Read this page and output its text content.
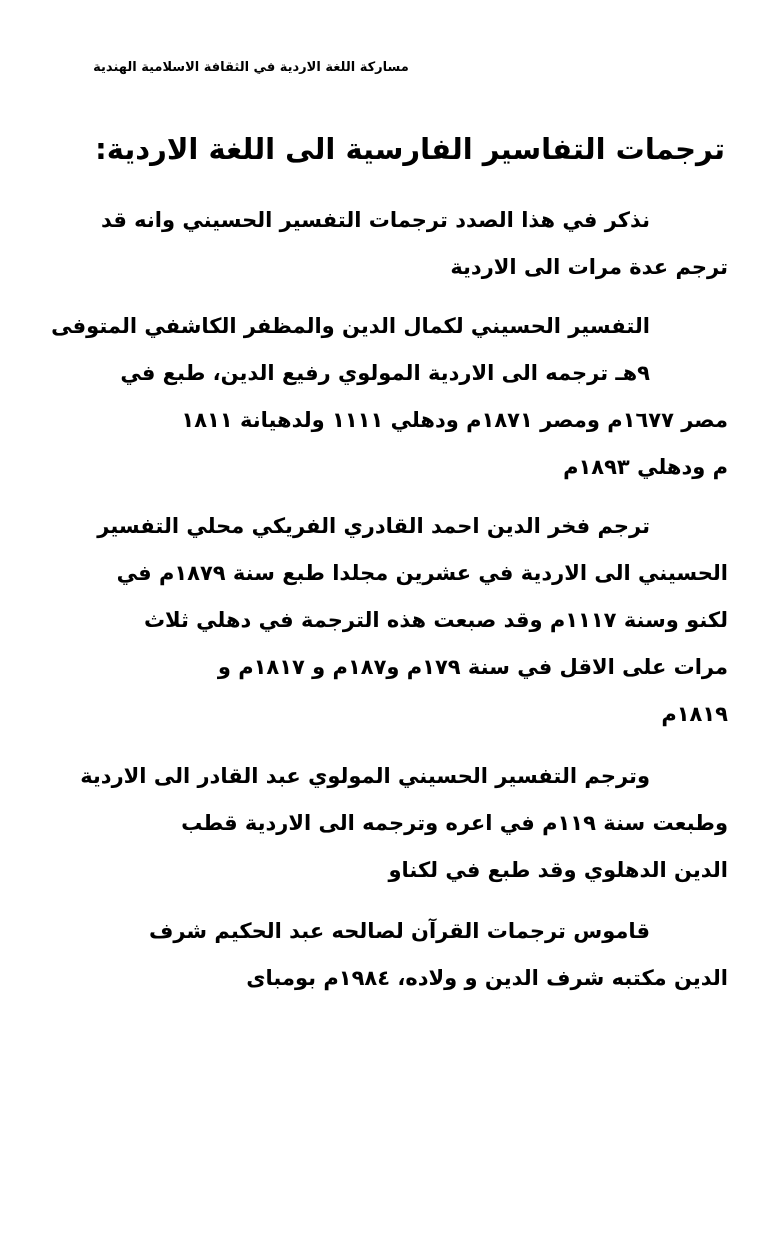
مساركة اللغة الاردية في الثقافة الاسلامية الهندية
ترجمات التفاسير الفارسية الى اللغة الاردية:
نذكر في هذا الصدد ترجمات التفسير الحسيني وانه قد
ترجم عدة مرات الى الاردية
التفسير الحسيني لكمال الدين والمظفر الكاشفي المتوفى
٩هـ ترجمه الى الاردية المولوي رفيع الدين، طبع في
مصر ١٦٧٧م ومصر ١٨٧١م ودهلي ١١١١ ولدهيانة ١٨١١
م ودهلي ١٨٩٣م
ترجم فخر الدين احمد القادري الفريكي محلي التفسير
الحسيني الى الاردية في عشرين مجلدا طبع سنة ١٨٧٩م في
لكنو وسنة ١١١٧م وقد صبعت هذه الترجمة في دهلي ثلاث
مرات على الاقل في سنة ١٧٩م و١٨٧م و ١٨١٧م و
١٨١٩م
وترجم التفسير الحسيني المولوي عبد القادر الى الاردية
وطبعت سنة ١١٩م في اعره وترجمه الى الاردية قطب
الدين الدهلوي وقد طبع في لكناو
قاموس ترجمات القرآن لصالحه عبد الحكيم شرف
الدين مكتبه شرف الدين و ولاده، ١٩٨٤م بومباى
